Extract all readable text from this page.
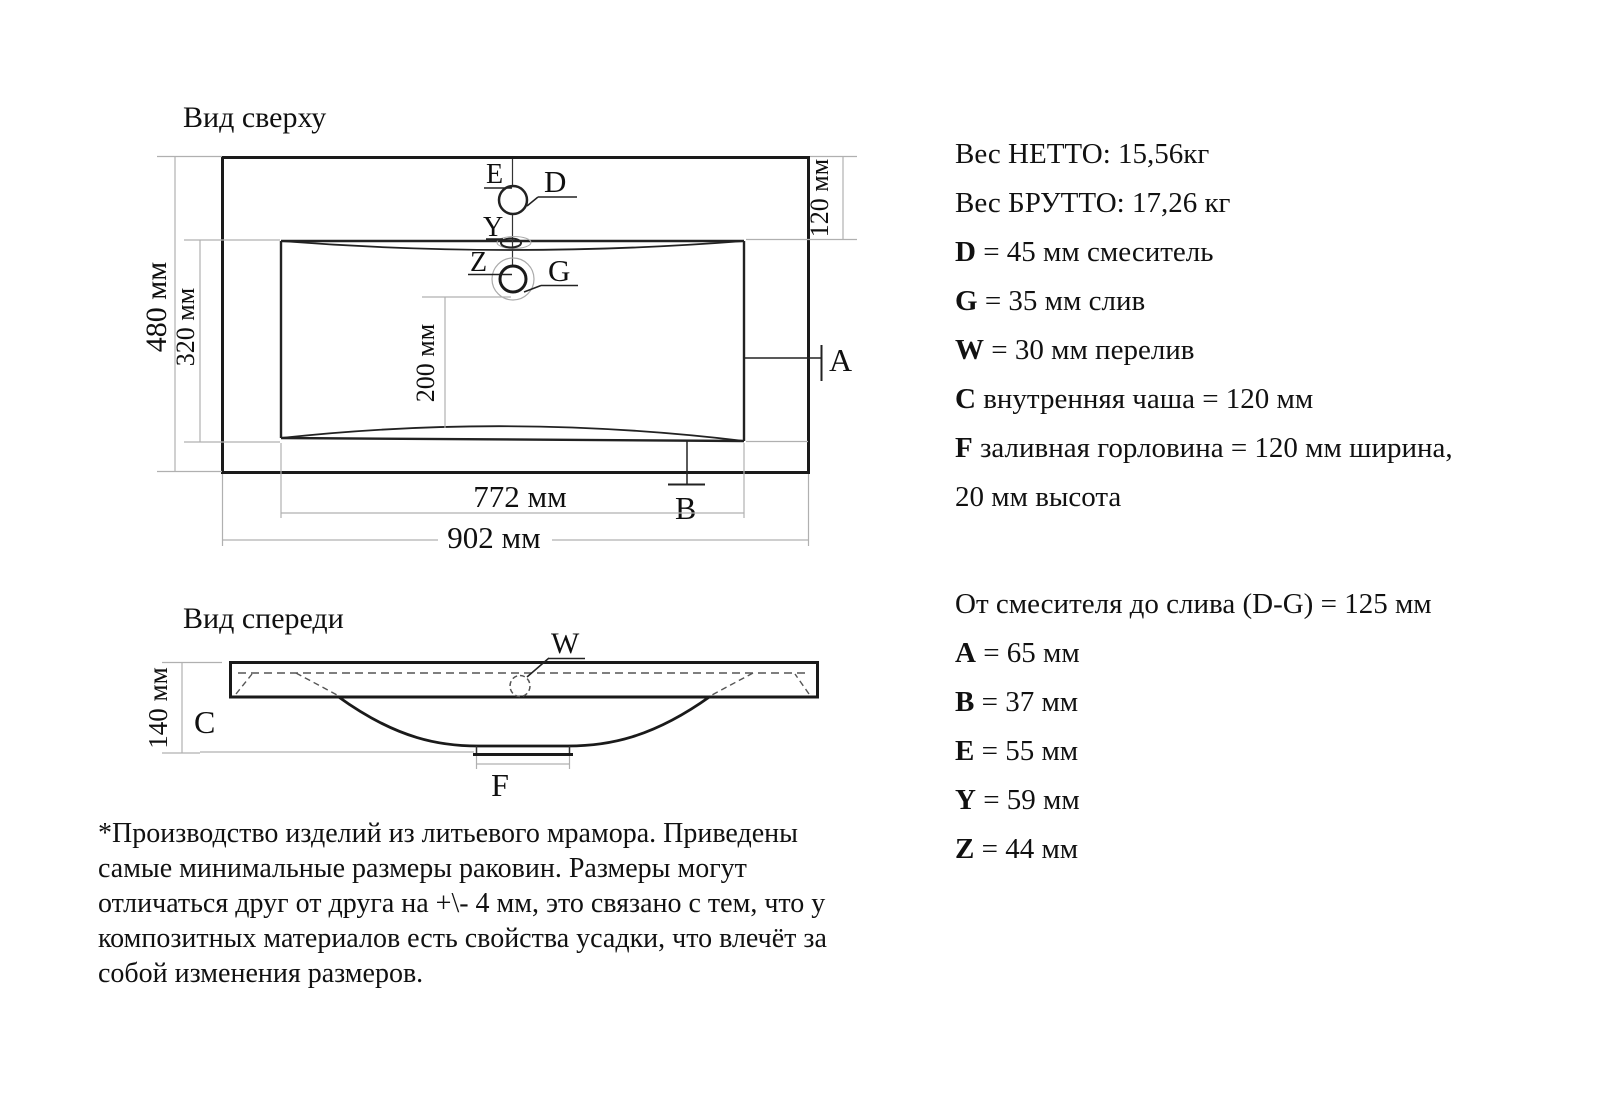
Вид сверху
E D
Y
Z G
480 мм
320 мм
120 мм
200 мм	A
B
772 мм
902 мм
Вид спереди
F
W
C
140 мм
Вес НЕТТО: 15,56кг
Вес БРУТТО: 17,26 кг
D = 45 мм смеситель
G = 35 мм слив
W = 30 мм перелив
C внутренняя чаша = 120 мм
F заливная горловина = 120 мм ширина,
20 мм высота
От смесителя до слива (D-G) = 125 мм
A = 65 мм
B = 37 мм
E = 55 мм
Y = 59 мм
Z = 44 мм
*Производство изделий из литьевого мрамора. Приведены
самые минимальные размеры раковин. Размеры могут
отличаться друг от друга на +\- 4 мм, это связано с тем, что у
композитных материалов есть свойства усадки, что влечёт за
собой изменения размеров.
